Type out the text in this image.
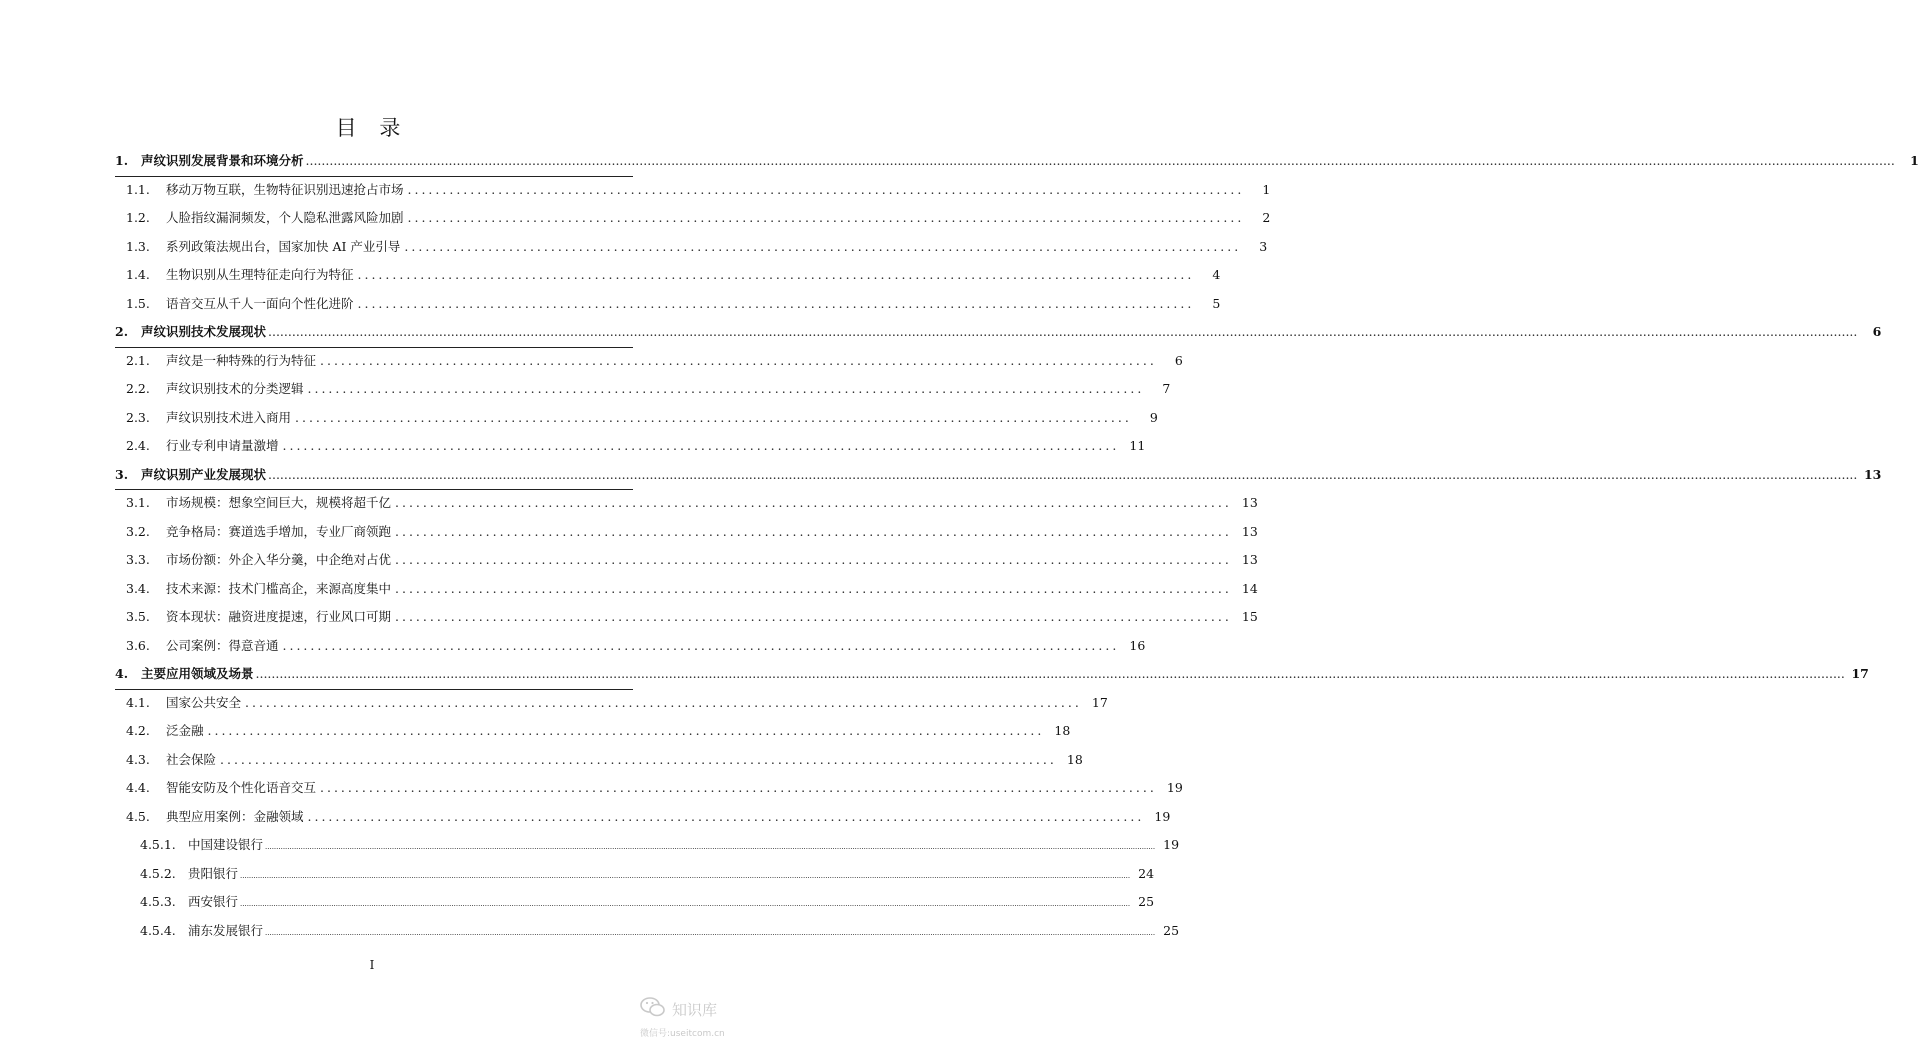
目 录
1.	声纹识别发展背景和环境分析 ................................................................................................................................................................................................................................................................................................................................................................................................................	1
1.1.	移动万物互联，生物特征识别迅速抢占市场 ........................................................................................................................	1
1.2.	人脸指纹漏洞频发，个人隐私泄露风险加剧 ........................................................................................................................	2
1.3.	系列政策法规出台，国家加快 AI 产业引导 ........................................................................................................................	3
1.4.	生物识别从生理特征走向行为特征 ........................................................................................................................	4
1.5.	语音交互从千人一面向个性化进阶 ........................................................................................................................	5
2.	声纹识别技术发展现状 ................................................................................................................................................................................................................................................................................................................................................................................................................	6
2.1.	声纹是一种特殊的行为特征 ........................................................................................................................	6
2.2.	声纹识别技术的分类逻辑 ........................................................................................................................	7
2.3.	声纹识别技术进入商用 ........................................................................................................................	9
2.4.	行业专利申请量激增 ........................................................................................................................ 11
3.	声纹识别产业发展现状 ................................................................................................................................................................................................................................................................................................................................................................................................................ 13
3.1.	市场规模：想象空间巨大，规模将超千亿 ........................................................................................................................ 13
3.2.	竞争格局：赛道选手增加，专业厂商领跑 ........................................................................................................................ 13
3.3.	市场份额：外企入华分羹，中企绝对占优 ........................................................................................................................ 13
3.4.	技术来源：技术门槛高企，来源高度集中 ........................................................................................................................ 14
3.5.	资本现状：融资进度提速，行业风口可期 ........................................................................................................................ 15
3.6.	公司案例：得意音通 ........................................................................................................................ 16
4.	主要应用领域及场景 ................................................................................................................................................................................................................................................................................................................................................................................................................ 17
4.1.	国家公共安全 ........................................................................................................................ 17
4.2.	泛金融 ........................................................................................................................ 18
4.3.	社会保险 ........................................................................................................................ 18
4.4.	智能安防及个性化语音交互 ........................................................................................................................ 19
4.5.	典型应用案例：金融领域 ........................................................................................................................ 19
4.5.1. 中国建设银行 ................................................................................................................................................................................................................................................................................................................................................................................................................ 19
4.5.2. 贵阳银行 ................................................................................................................................................................................................................................................................................................................................................................................................................ 24
4.5.3. 西安银行 ................................................................................................................................................................................................................................................................................................................................................................................................................ 25
4.5.4. 浦东发展银行 ................................................................................................................................................................................................................................................................................................................................................................................................................ 25
I
知识库
微信号:useitcom.cn
